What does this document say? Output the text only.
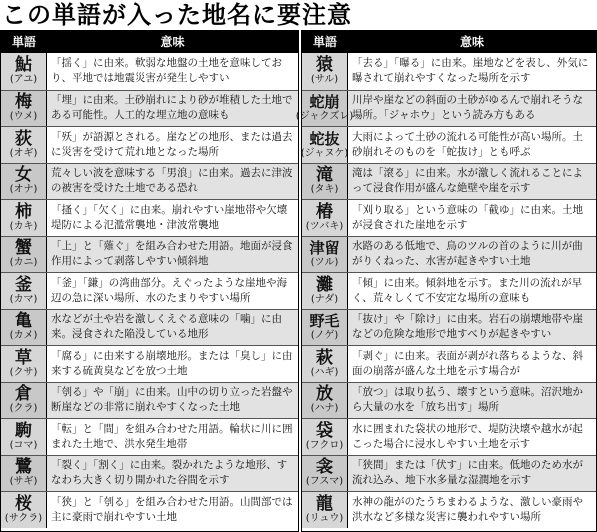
この単語が入った地名に要注意
単語	意味
鮎
(アユ)
「揺く」に由来。軟弱な地盤の土地を意味しており、平地では地震災害が発生しやすい
梅
(ウメ)
「埋」に由来。土砂崩れにより砂が堆積した土地である可能性。人工的な埋立地の意味も
荻
(オギ)
「殀」が語源とされる。崖などの地形、または過去に災害を受けて荒れ地となった場所
女
(オナ)
荒々しい波を意味する「男浪」に由来。過去に津波の被害を受けた土地である恐れ
柿
(カキ)
「搔く」「欠く」に由来。崩れやすい崖地帯や欠壊堤防による氾濫常襲地・津波常襲地
蟹
(カニ)
「上」と「薙ぐ」を組み合わせた用語。地面が浸食作用によって剥落しやすい傾斜地
釜
(カマ)
「釜」「鎌」の湾曲部分。えぐったような崖地や海辺の急に深い場所、水のたまりやすい場所
亀
(カメ)
水などが土や岩を激しくえぐる意味の「噛」に由来。浸食された陥没している地形
草
(クサ)
「腐る」に由来する崩壊地形。または「臭し」に由来する硫黄臭などを放つ土地
倉
(クラ)
「刳る」や「崩」に由来。山中の切り立った岩盤や断崖などの非常に崩れやすくなった土地
駒
(コマ)
「転」と「間」を組み合わせた用語。輪状に川に囲まれた土地で、洪水発生地帯
鷺
(サギ)
「裂く」「割く」に由来。裂かれたような地形、すなわち大きく切り開かれた谷間を示す
桜
(サクラ)
「狭」と「刳る」を組み合わせた用語。山間部では主に豪雨で崩れやすい土地
単語	意味
猿
(サル)
「去る」「曝る」に由来。崖地などを表し、外気に曝されて崩れやすくなった場所を示す
蛇崩
(ジャクズレ)
川岸や崖などの斜面の土砂がゆるんで崩れそうな場所。「ジャホウ」という読み方もある
蛇抜
(ジャヌケ)
大雨によって土砂の流れる可能性が高い場所。土砂崩れそのものを「蛇抜け」とも呼ぶ
滝
(タキ)
滝は「滾る」に由来。水が激しく流れることによって浸食作用が盛んな絶壁や崖を示す
椿
(ツバキ)
「刈り取る」という意味の「截ゆ」に由来。土地が浸食された崖地を示す
津留
(ツル)
水路のある低地で、鳥のツルの首のように川が曲がりくねった、水害が起きやすい土地
灘
(ナダ)
「傾」に由来。傾斜地を示す。また川の流れが早く、荒々しくて不安定な場所の意味も
野毛
(ノゲ)
「抜け」や「除け」に由来。岩石の崩壊地帯や崖などの危険な地形で地すべりが起きやすい
萩
(ハギ)
「剥ぐ」に由来。表面が剥がれ落ちるような、斜面の崩落が盛んな土地を示す場合が
放
(ハナ)
「放つ」は取り払う、壊すという意味。沼沢地から大量の水を「放ち出す」場所
袋
(フクロ)
水に囲まれた袋状の地形で、堤防決壊や越水が起こった場合に浸水しやすい土地を示す
衾
(フスマ)
「狭間」または「伏す」に由来。低地のため水が流れ込み、地下水多量な湿潤地を示す
龍
(リュウ)
水神の龍がのたうちまわるような、激しい豪雨や洪水など多様な災害に襲われやすい場所
